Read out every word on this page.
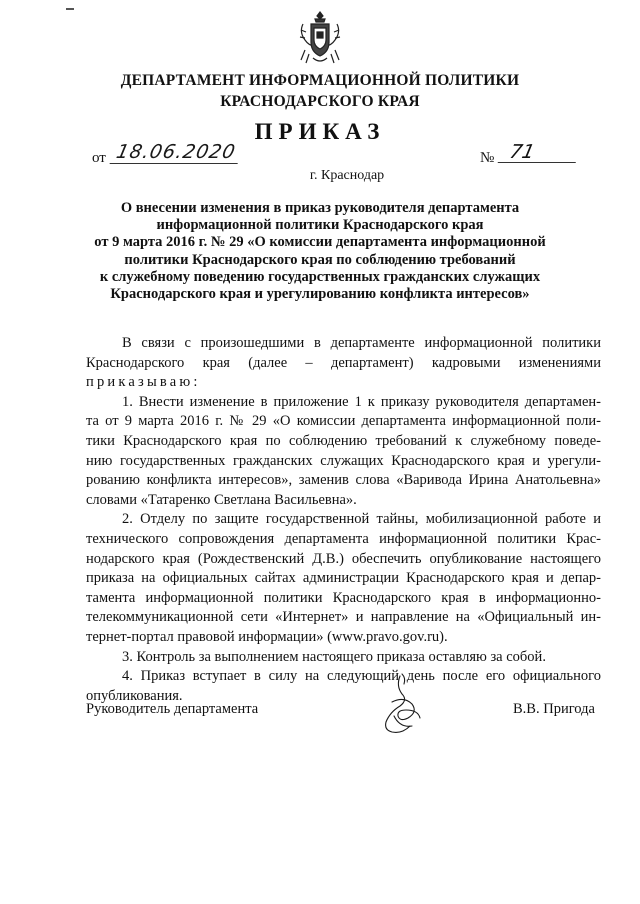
ДЕПАРТАМЕНТ ИНФОРМАЦИОННОЙ ПОЛИТИКИ
КРАСНОДАРСКОГО КРАЯ
ПРИКАЗ
от 18.06.2020	№ 71
г. Краснодар
О внесении изменения в приказ руководителя департамента
информационной политики Краснодарского края
от 9 марта 2016 г. № 29 «О комиссии департамента информационной
политики Краснодарского края по соблюдению требований
к служебному поведению государственных гражданских служащих
Краснодарского края и урегулированию конфликта интересов»
В связи с произошедшими в департаменте информационной политики
Краснодарского края (далее – департамент) кадровыми изменениями
приказываю:
1. Внести изменение в приложение 1 к приказу руководителя департамен-
та от 9 марта 2016 г. № 29 «О комиссии департамента информационной поли-
тики Краснодарского края по соблюдению требований к служебному поведе-
нию государственных гражданских служащих Краснодарского края и урегули-
рованию конфликта интересов», заменив слова «Варивода Ирина Анатольевна»
словами «Татаренко Светлана Васильевна».
2. Отделу по защите государственной тайны, мобилизационной работе и
технического сопровождения департамента информационной политики Крас-
нодарского края (Рождественский Д.В.) обеспечить опубликование настоящего
приказа на официальных сайтах администрации Краснодарского края и депар-
тамента информационной политики Краснодарского края в информационно-
телекоммуникационной сети «Интернет» и направление на «Официальный ин-
тернет-портал правовой информации» (www.pravo.gov.ru).
3. Контроль за выполнением настоящего приказа оставляю за собой.
4. Приказ вступает в силу на следующий день после его официального
опубликования.
Руководитель департамента	В.В. Пригода
